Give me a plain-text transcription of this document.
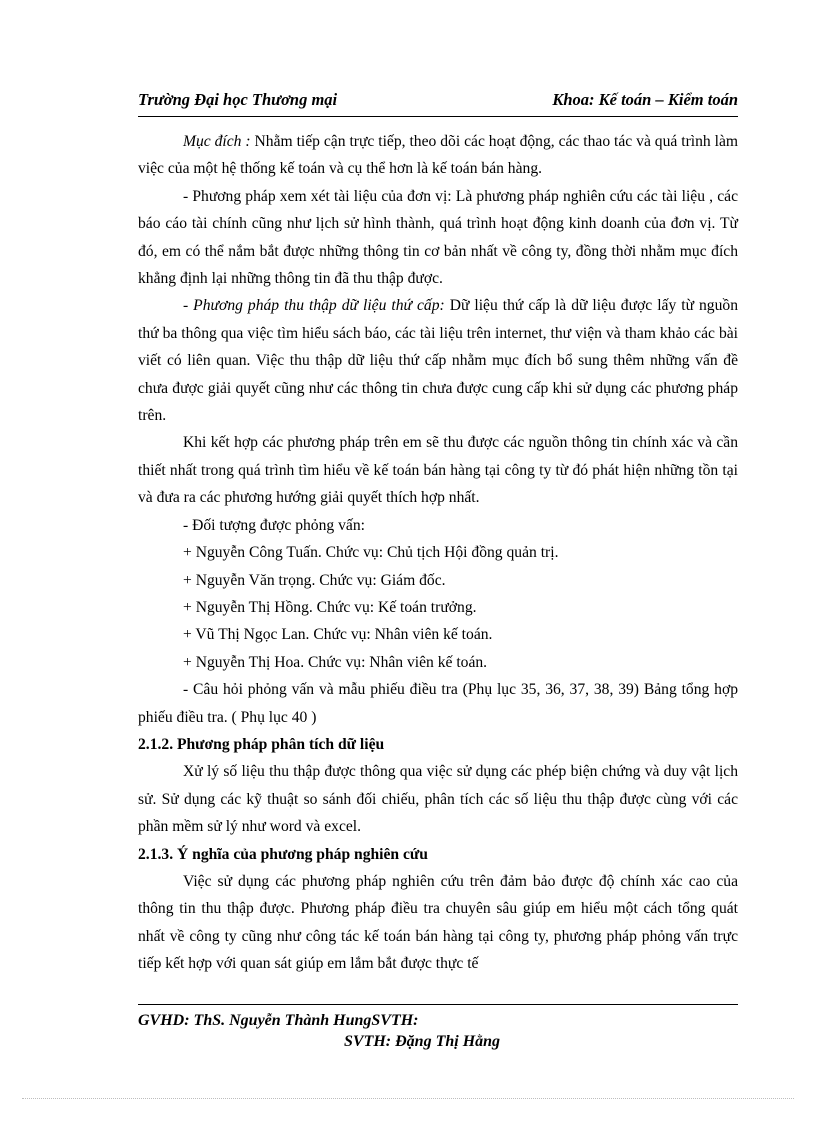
Trường Đại học Thương mại	Khoa: Kế toán – Kiểm toán

Mục đích : Nhằm tiếp cận trực tiếp, theo dõi các hoạt động, các thao tác và quá trình làm việc của một hệ thống kế toán và cụ thể hơn là kế toán bán hàng.

- Phương pháp xem xét tài liệu của đơn vị: Là phương pháp nghiên cứu các tài liệu , các báo cáo tài chính cũng như lịch sử hình thành, quá trình hoạt động kinh doanh của đơn vị. Từ đó, em có thể nắm bắt được những thông tin cơ bản nhất về công ty, đồng thời nhằm mục đích khẳng định lại những thông tin đã thu thập được.

- Phương pháp thu thập dữ liệu thứ cấp: Dữ liệu thứ cấp là dữ liệu được lấy từ nguồn thứ ba thông qua việc tìm hiểu sách báo, các tài liệu trên internet, thư viện và tham khảo các bài viết có liên quan. Việc thu thập dữ liệu thứ cấp nhằm mục đích bổ sung thêm những vấn đề chưa được giải quyết cũng như các thông tin chưa được cung cấp khi sử dụng các phương pháp trên.

Khi kết hợp các phương pháp trên em sẽ thu được các nguồn thông tin chính xác và cần thiết nhất trong quá trình tìm hiểu về kế toán bán hàng tại công ty từ đó phát hiện những tồn tại và đưa ra các phương hướng giải quyết thích hợp nhất.

- Đối tượng được phỏng vấn:

+ Nguyễn Công Tuấn. Chức vụ: Chủ tịch Hội đồng quản trị.

+ Nguyễn Văn trọng. Chức vụ: Giám đốc.

+ Nguyễn Thị Hồng. Chức vụ: Kế toán trưởng.

+ Vũ Thị Ngọc Lan. Chức vụ: Nhân viên kế toán.

+ Nguyễn Thị Hoa. Chức vụ: Nhân viên kế toán.

- Câu hỏi phỏng vấn và mẫu phiếu điều tra (Phụ lục 35, 36, 37, 38, 39) Bảng tổng hợp phiếu điều tra. ( Phụ lục 40 )

2.1.2. Phương pháp phân tích dữ liệu

Xử lý số liệu thu thập được thông qua việc sử dụng các phép biện chứng và duy vật lịch sử. Sử dụng các kỹ thuật so sánh đối chiếu, phân tích các số liệu thu thập được cùng với các phần mềm sử lý như word và excel.

2.1.3. Ý nghĩa của phương pháp nghiên cứu

Việc sử dụng các phương pháp nghiên cứu trên đảm bảo được độ chính xác cao của thông tin thu thập được. Phương pháp điều tra chuyên sâu giúp em hiểu một cách tổng quát nhất về công ty cũng như công tác kế toán bán hàng tại công ty, phương pháp phỏng vấn trực tiếp kết hợp với quan sát giúp em lắm bắt được thực tế

GVHD: ThS. Nguyễn Thành HungSVTH:
SVTH: Đặng Thị Hằng
